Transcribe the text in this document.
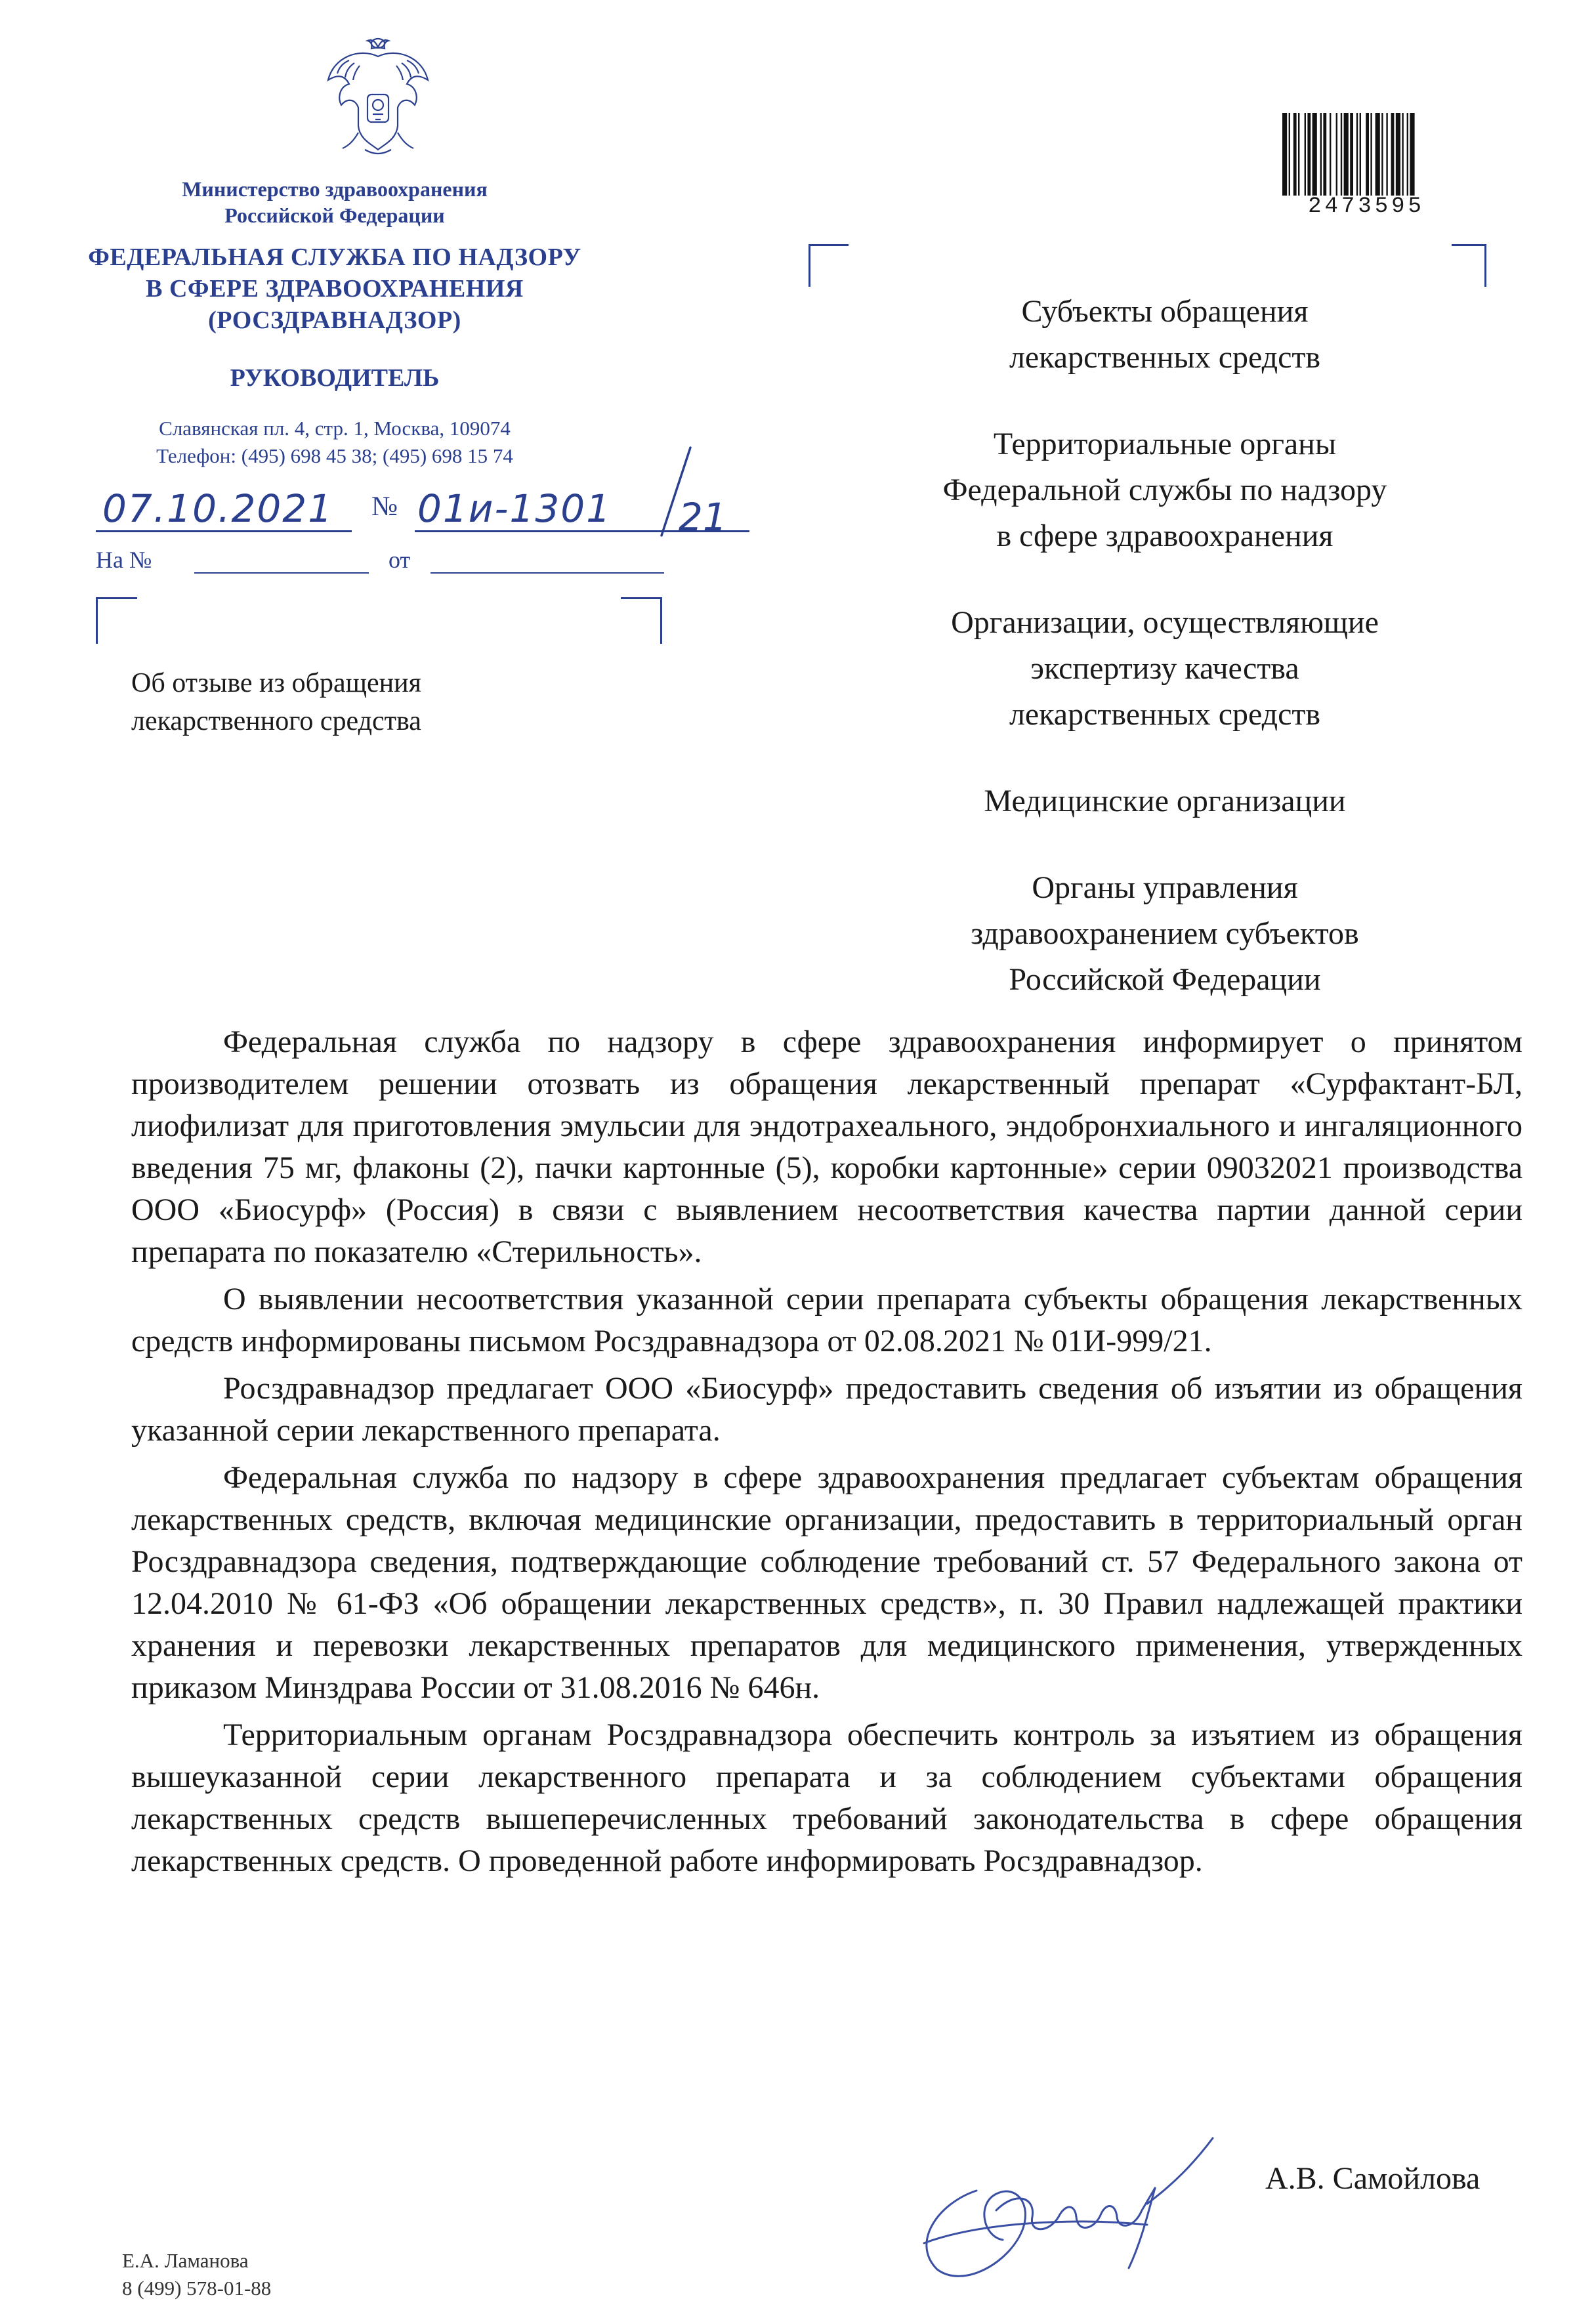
Министерство здравоохранения
Российской Федерации
ФЕДЕРАЛЬНАЯ СЛУЖБА ПО НАДЗОРУ
В СФЕРЕ ЗДРАВООХРАНЕНИЯ
(РОСЗДРАВНАДЗОР)
РУКОВОДИТЕЛЬ
Славянская пл. 4, стр. 1, Москва, 109074
Телефон: (495) 698 45 38; (495) 698 15 74
07.10.2021 № 01и-1301 21
На №	от
Об отзыве из обращения
лекарственного средства
2473595
Субъекты обращения
лекарственных средств
Территориальные органы
Федеральной службы по надзору
в сфере здравоохранения
Организации, осуществляющие
экспертизу качества
лекарственных средств
Медицинские организации
Органы управления
здравоохранением субъектов
Российской Федерации

Федеральная служба по надзору в сфере здравоохранения информирует о принятом производителем решении отозвать из обращения лекарственный препарат «Сурфактант-БЛ, лиофилизат для приготовления эмульсии для эндотрахеального, эндобронхиального и ингаляционного введения 75 мг, флаконы (2), пачки картонные (5), коробки картонные» серии 09032021 производства ООО «Биосурф» (Россия) в связи с выявлением несоответствия качества партии данной серии препарата по показателю «Стерильность».

О выявлении несоответствия указанной серии препарата субъекты обращения лекарственных средств информированы письмом Росздравнадзора от 02.08.2021 № 01И-999/21.

Росздравнадзор предлагает ООО «Биосурф» предоставить сведения об изъятии из обращения указанной серии лекарственного препарата.

Федеральная служба по надзору в сфере здравоохранения предлагает субъектам обращения лекарственных средств, включая медицинские организации, предоставить в территориальный орган Росздравнадзора сведения, подтверждающие соблюдение требований ст. 57 Федерального закона от 12.04.2010 № 61-ФЗ «Об обращении лекарственных средств», п. 30 Правил надлежащей практики хранения и перевозки лекарственных препаратов для медицинского применения, утвержденных приказом Минздрава России от 31.08.2016 № 646н.

Территориальным органам Росздравнадзора обеспечить контроль за изъятием из обращения вышеуказанной серии лекарственного препарата и за соблюдением субъектами обращения лекарственных средств вышеперечисленных требований законодательства в сфере обращения лекарственных средств. О проведенной работе информировать Росздравнадзор.

А.В. Самойлова
Е.А. Ламанова
8 (499) 578-01-88
